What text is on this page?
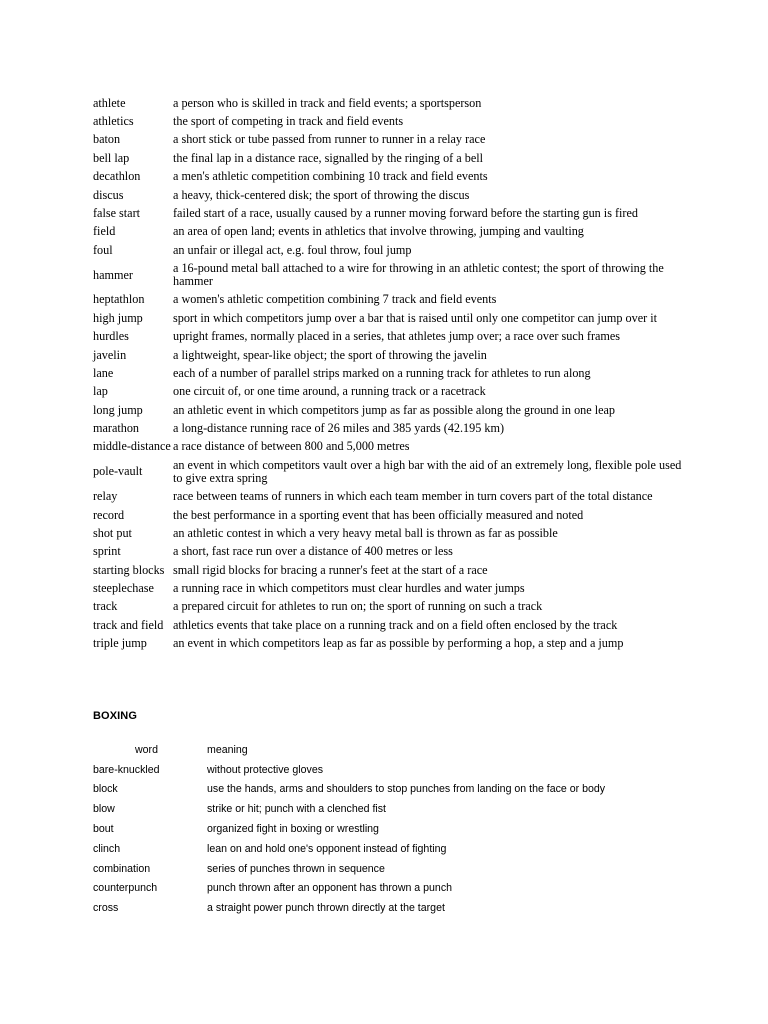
athlete	a person who is skilled in track and field events; a sportsperson
athletics	the sport of competing in track and field events
baton	a short stick or tube passed from runner to runner in a relay race
bell lap	the final lap in a distance race, signalled by the ringing of a bell
decathlon	a men's athletic competition combining 10 track and field events
discus	a heavy, thick-centered disk; the sport of throwing the discus
false start	failed start of a race, usually caused by a runner moving forward before the starting gun is fired
field	an area of open land; events in athletics that involve throwing, jumping and vaulting
foul	an unfair or illegal act, e.g. foul throw, foul jump
hammer	a 16-pound metal ball attached to a wire for throwing in an athletic contest; the sport of throwing the hammer
heptathlon	a women's athletic competition combining 7 track and field events
high jump	sport in which competitors jump over a bar that is raised until only one competitor can jump over it
hurdles	upright frames, normally placed in a series, that athletes jump over; a race over such frames
javelin	a lightweight, spear-like object; the sport of throwing the javelin
lane	each of a number of parallel strips marked on a running track for athletes to run along
lap	one circuit of, or one time around, a running track or a racetrack
long jump	an athletic event in which competitors jump as far as possible along the ground in one leap
marathon	a long-distance running race of 26 miles and 385 yards (42.195 km)
middle-distance	a race distance of between 800 and 5,000 metres
pole-vault	an event in which competitors vault over a high bar with the aid of an extremely long, flexible pole used to give extra spring
relay	race between teams of runners in which each team member in turn covers part of the total distance
record	the best performance in a sporting event that has been officially measured and noted
shot put	an athletic contest in which a very heavy metal ball is thrown as far as possible
sprint	a short, fast race run over a distance of 400 metres or less
starting blocks	small rigid blocks for bracing a runner's feet at the start of a race
steeplechase	a running race in which competitors must clear hurdles and water jumps
track	a prepared circuit for athletes to run on; the sport of running on such a track
track and field	athletics events that take place on a running track and on a field often enclosed by the track
triple jump	an event in which competitors leap as far as possible by performing a hop, a step and a jump
BOXING
word	meaning
bare-knuckled	without protective gloves
block	use the hands, arms and shoulders to stop punches from landing on the face or body
blow	strike or hit; punch with a clenched fist
bout	organized fight in boxing or wrestling
clinch	lean on and hold one's opponent instead of fighting
combination	series of punches thrown in sequence
counterpunch	punch thrown after an opponent has thrown a punch
cross	a straight power punch thrown directly at the target
